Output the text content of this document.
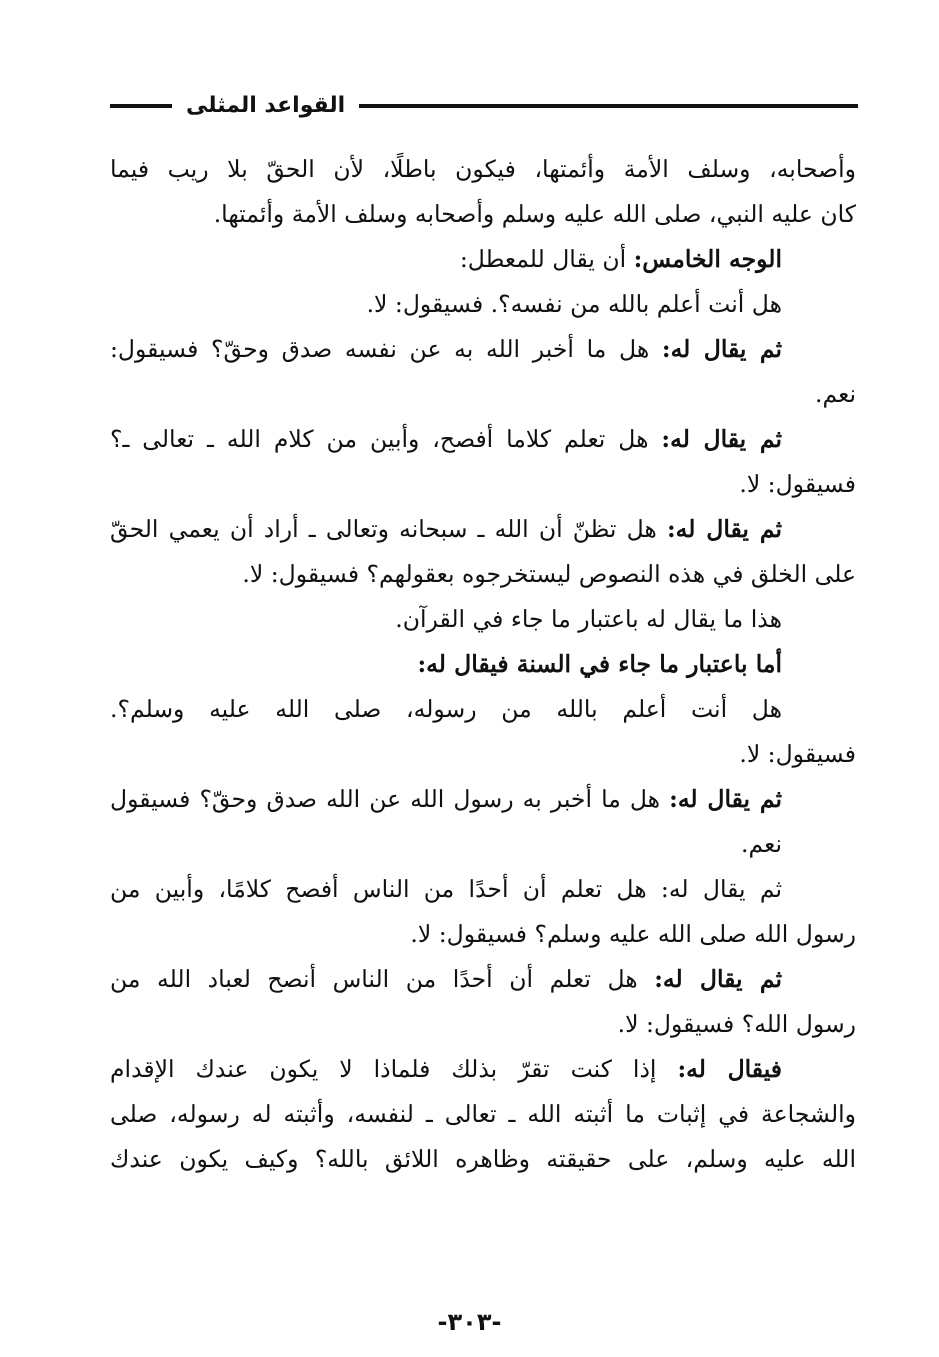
القواعد المثلى
وأصحابه، وسلف الأمة وأئمتها، فيكون باطلًا، لأن الحقّ بلا ريب فيما
كان عليه النبي، صلى الله عليه وسلم وأصحابه وسلف الأمة وأئمتها.
الوجه الخامس: أن يقال للمعطل:
هل أنت أعلم بالله من نفسه؟. فسيقول: لا.
ثم يقال له: هل ما أخبر الله به عن نفسه صدق وحقّ؟ فسيقول:
نعم.
ثم يقال له: هل تعلم كلاما أفصح، وأبين من كلام الله ـ تعالى ـ؟
فسيقول: لا.
ثم يقال له: هل تظنّ أن الله ـ سبحانه وتعالى ـ أراد أن يعمي الحقّ
على الخلق في هذه النصوص ليستخرجوه بعقولهم؟ فسيقول: لا.
هذا ما يقال له باعتبار ما جاء في القرآن.
أما باعتبار ما جاء في السنة فيقال له:
هل أنت أعلم بالله من رسوله، صلى الله عليه وسلم؟.
فسيقول: لا.
ثم يقال له: هل ما أخبر به رسول الله عن الله صدق وحقّ؟ فسيقول
نعم.
ثم يقال له: هل تعلم أن أحدًا من الناس أفصح كلامًا، وأبين من
رسول الله صلى الله عليه وسلم؟ فسيقول: لا.
ثم يقال له: هل تعلم أن أحدًا من الناس أنصح لعباد الله من
رسول الله؟ فسيقول: لا.
فيقال له: إذا كنت تقرّ بذلك فلماذا لا يكون عندك الإقدام
والشجاعة في إثبات ما أثبته الله ـ تعالى ـ لنفسه، وأثبته له رسوله، صلى
الله عليه وسلم، على حقيقته وظاهره اللائق بالله؟ وكيف يكون عندك
-٣٠٣-
